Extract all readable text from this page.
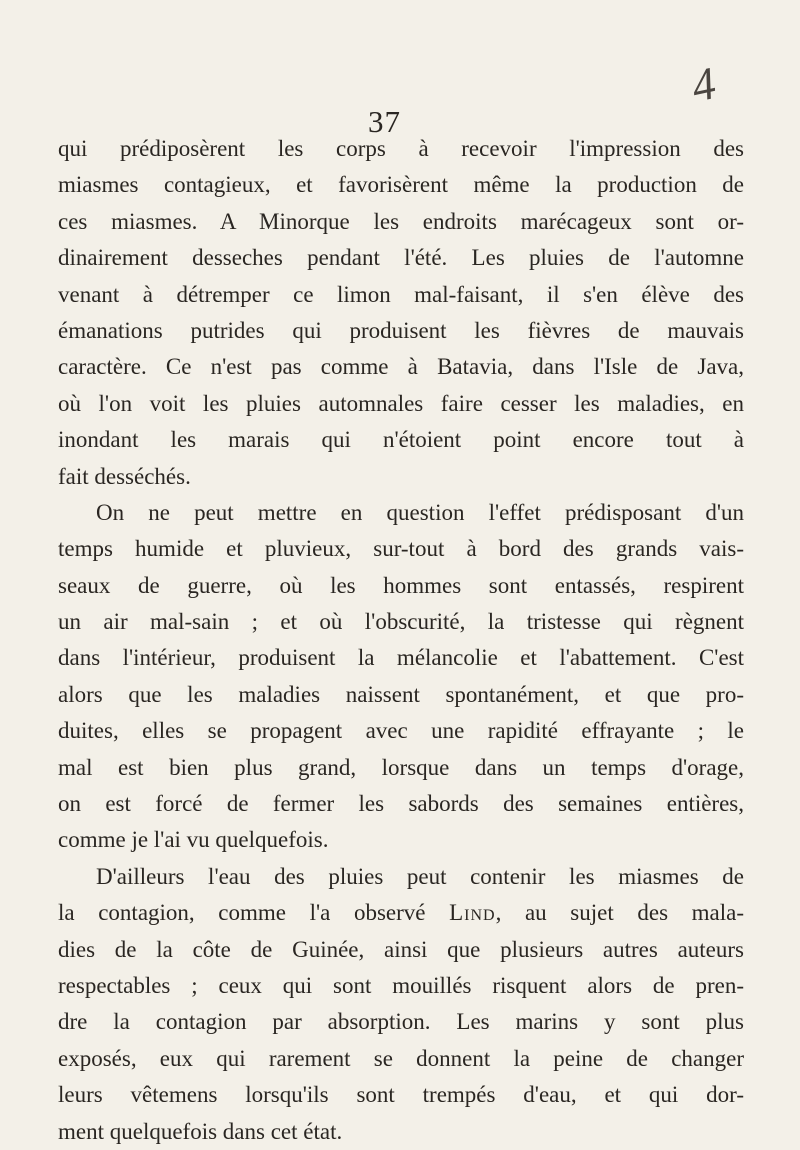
37
4
qui prédiposèrent les corps à recevoir l'impression des
miasmes contagieux, et favorisèrent même la production de
ces miasmes. A Minorque les endroits marécageux sont or-
dinairement desseches pendant l'été. Les pluies de l'automne
venant à détremper ce limon mal-faisant, il s'en élève des
émanations putrides qui produisent les fièvres de mauvais
caractère. Ce n'est pas comme à Batavia, dans l'Isle de Java,
où l'on voit les pluies automnales faire cesser les maladies, en
inondant les marais qui n'étoient point encore tout à
fait desséchés.
On ne peut mettre en question l'effet prédisposant d'un
temps humide et pluvieux, sur-tout à bord des grands vais-
seaux de guerre, où les hommes sont entassés, respirent
un air mal-sain ; et où l'obscurité, la tristesse qui règnent
dans l'intérieur, produisent la mélancolie et l'abattement. C'est
alors que les maladies naissent spontanément, et que pro-
duites, elles se propagent avec une rapidité effrayante ; le
mal est bien plus grand, lorsque dans un temps d'orage,
on est forcé de fermer les sabords des semaines entières,
comme je l'ai vu quelquefois.
D'ailleurs l'eau des pluies peut contenir les miasmes de
la contagion, comme l'a observé Lind, au sujet des mala-
dies de la côte de Guinée, ainsi que plusieurs autres auteurs
respectables ; ceux qui sont mouillés risquent alors de pren-
dre la contagion par absorption. Les marins y sont plus
exposés, eux qui rarement se donnent la peine de changer
leurs vêtemens lorsqu'ils sont trempés d'eau, et qui dor-
ment quelquefois dans cet état.
